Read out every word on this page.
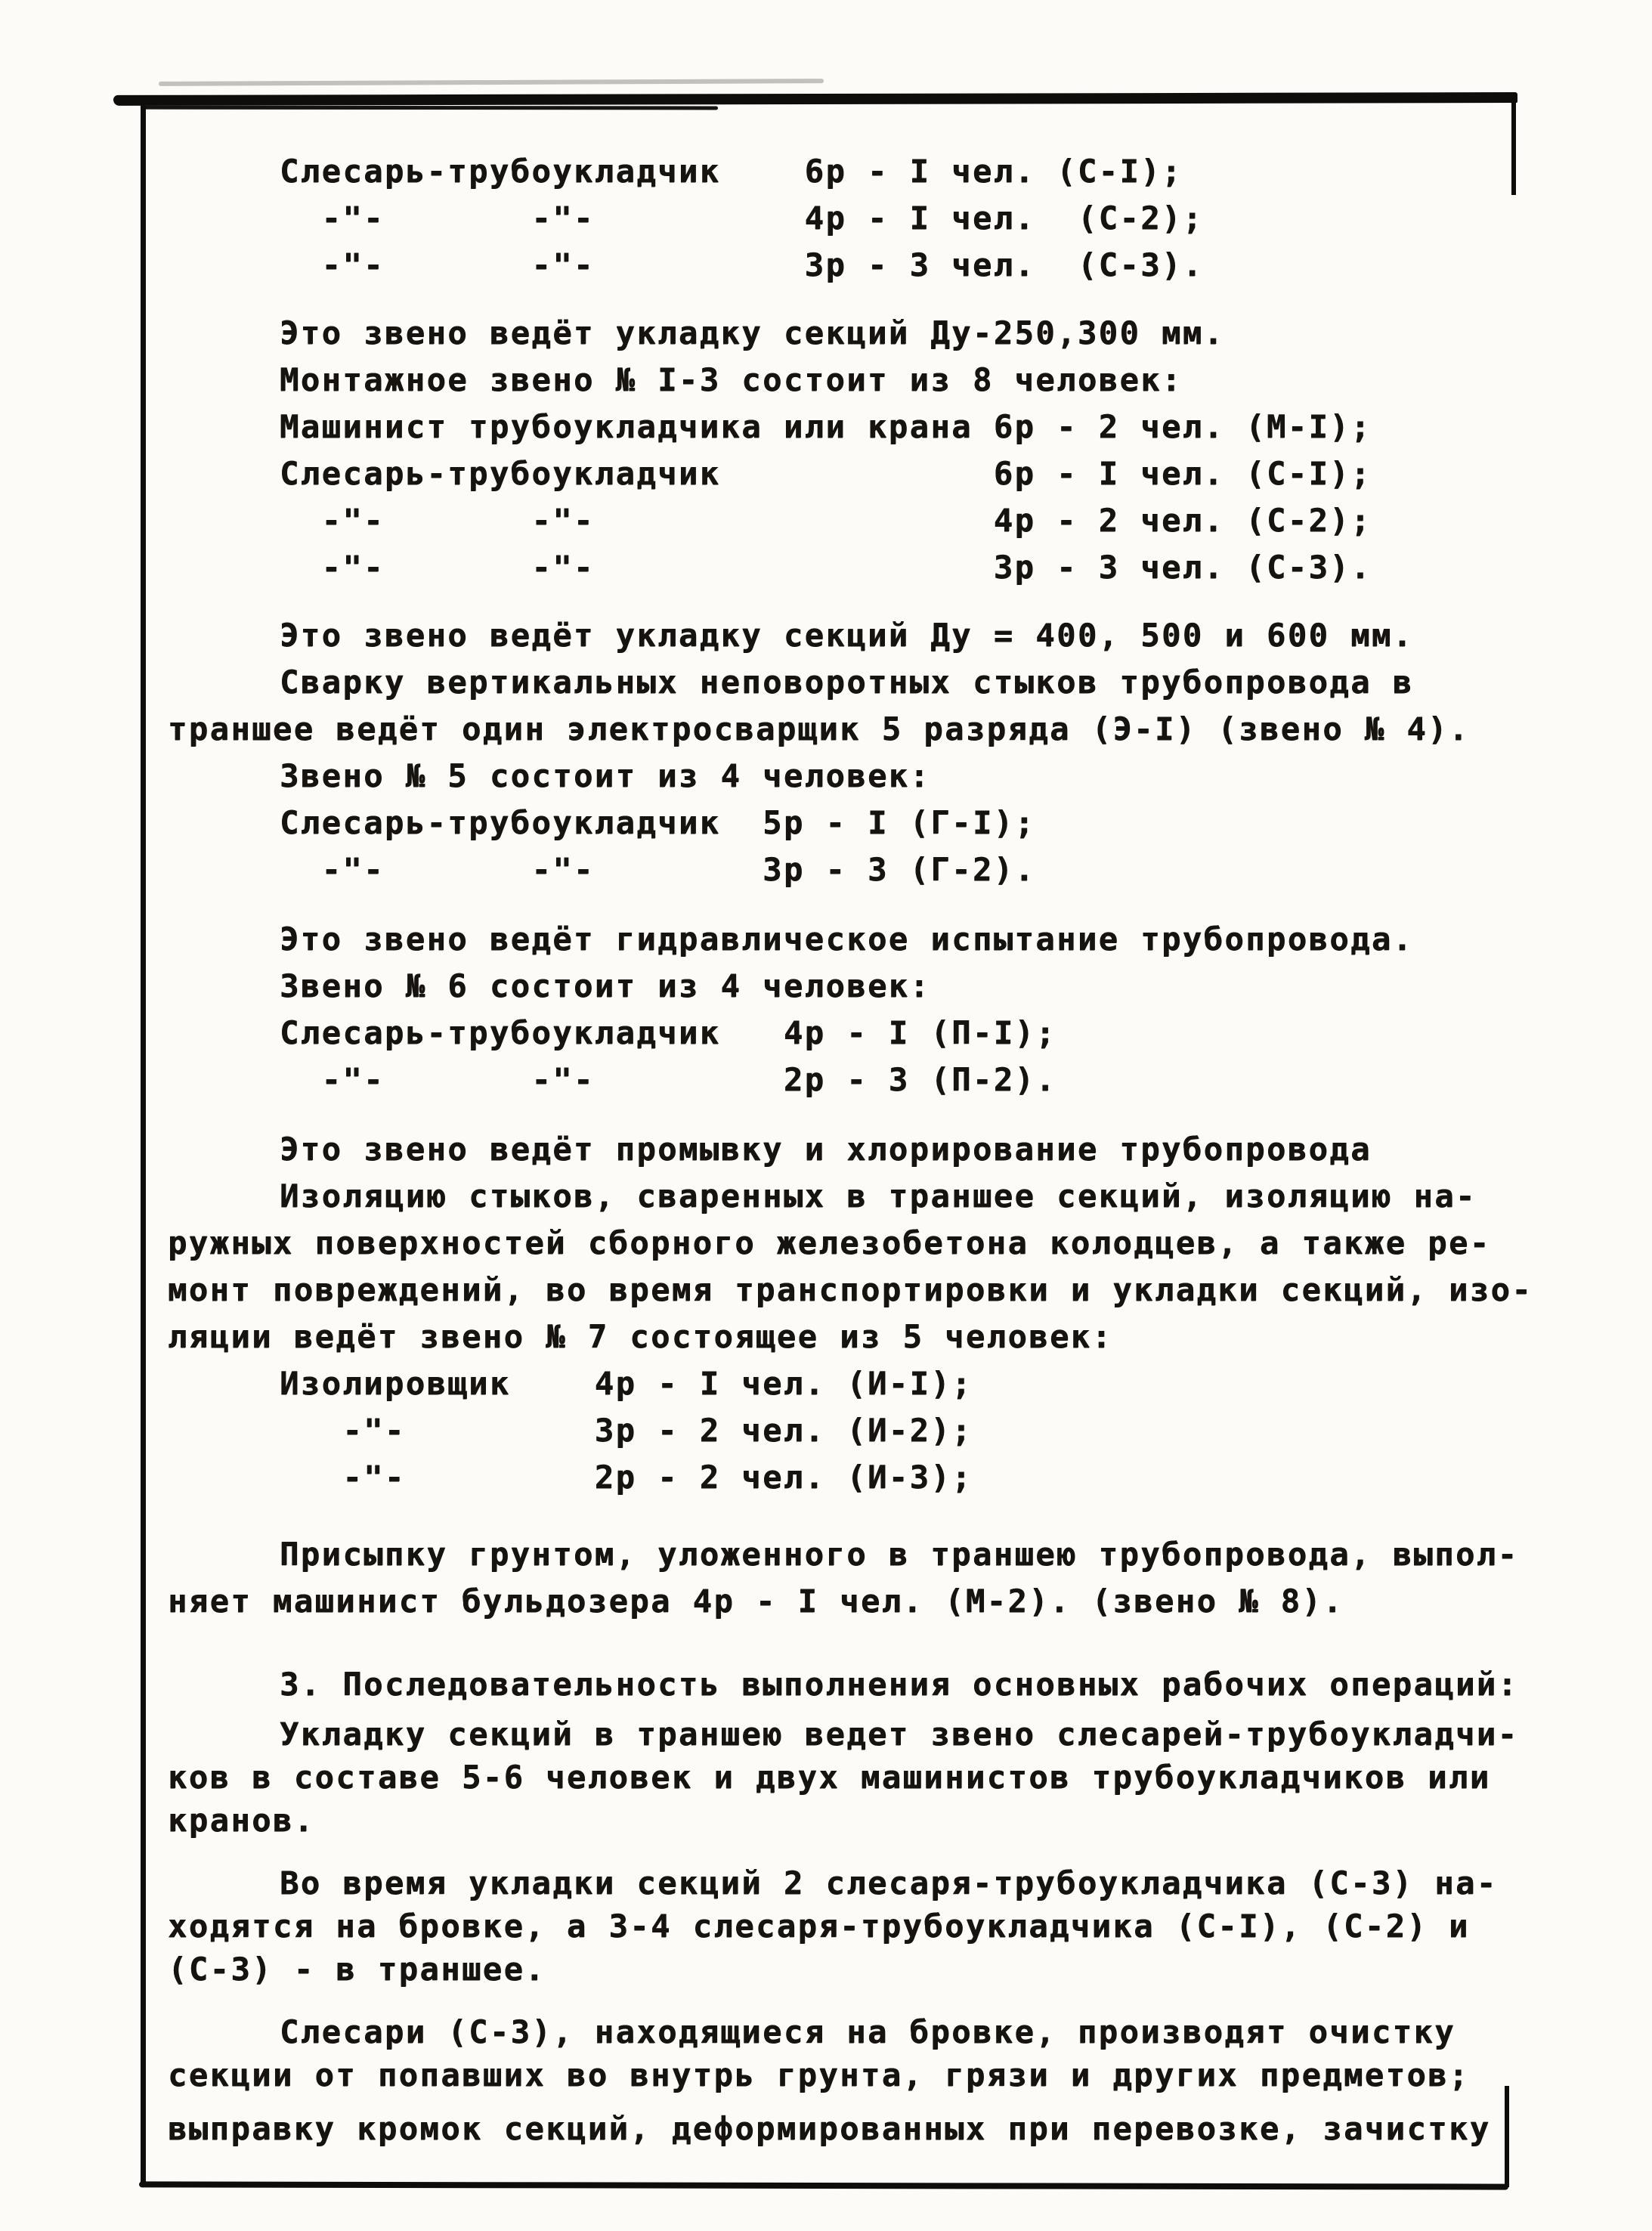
Слесарь-трубоукладчик    6р - I чел. (С-I);
-"-       -"-          4р - I чел.  (С-2);
-"-       -"-          3р - 3 чел.  (С-3).
Это звено ведёт укладку секций Ду-250,300 мм.
Монтажное звено № I-3 состоит из 8 человек:
Машинист трубоукладчика или крана 6р - 2 чел. (М-I);
Слесарь-трубоукладчик             6р - I чел. (С-I);
-"-       -"-                   4р - 2 чел. (С-2);
-"-       -"-                   3р - 3 чел. (С-3).
Это звено ведёт укладку секций Ду = 400, 500 и 600 мм.
Сварку вертикальных неповоротных стыков трубопровода в
траншее ведёт один электросварщик 5 разряда (Э-I) (звено № 4).
Звено № 5 состоит из 4 человек:
Слесарь-трубоукладчик  5р - I (Г-I);
-"-       -"-        3р - 3 (Г-2).
Это звено ведёт гидравлическое испытание трубопровода.
Звено № 6 состоит из 4 человек:
Слесарь-трубоукладчик   4р - I (П-I);
-"-       -"-         2р - 3 (П-2).
Это звено ведёт промывку и хлорирование трубопровода
Изоляцию стыков, сваренных в траншее секций, изоляцию на-
ружных поверхностей сборного железобетона колодцев, а также ре-
монт повреждений, во время транспортировки и укладки секций, изо-
ляции ведёт звено № 7 состоящее из 5 человек:
Изолировщик    4р - I чел. (И-I);
-"-         3р - 2 чел. (И-2);
-"-         2р - 2 чел. (И-3);
Присыпку грунтом, уложенного в траншею трубопровода, выпол-
няет машинист бульдозера 4р - I чел. (М-2). (звено № 8).
3. Последовательность выполнения основных рабочих операций:
Укладку секций в траншею ведет звено слесарей-трубоукладчи-
ков в составе 5-6 человек и двух машинистов трубоукладчиков или
кранов.
Во время укладки секций 2 слесаря-трубоукладчика (С-3) на-
ходятся на бровке, а 3-4 слесаря-трубоукладчика (С-I), (С-2) и
(С-3) - в траншее.
Слесари (С-3), находящиеся на бровке, производят очистку
секции от попавших во внутрь грунта, грязи и других предметов;
выправку кромок секций, деформированных при перевозке, зачистку
